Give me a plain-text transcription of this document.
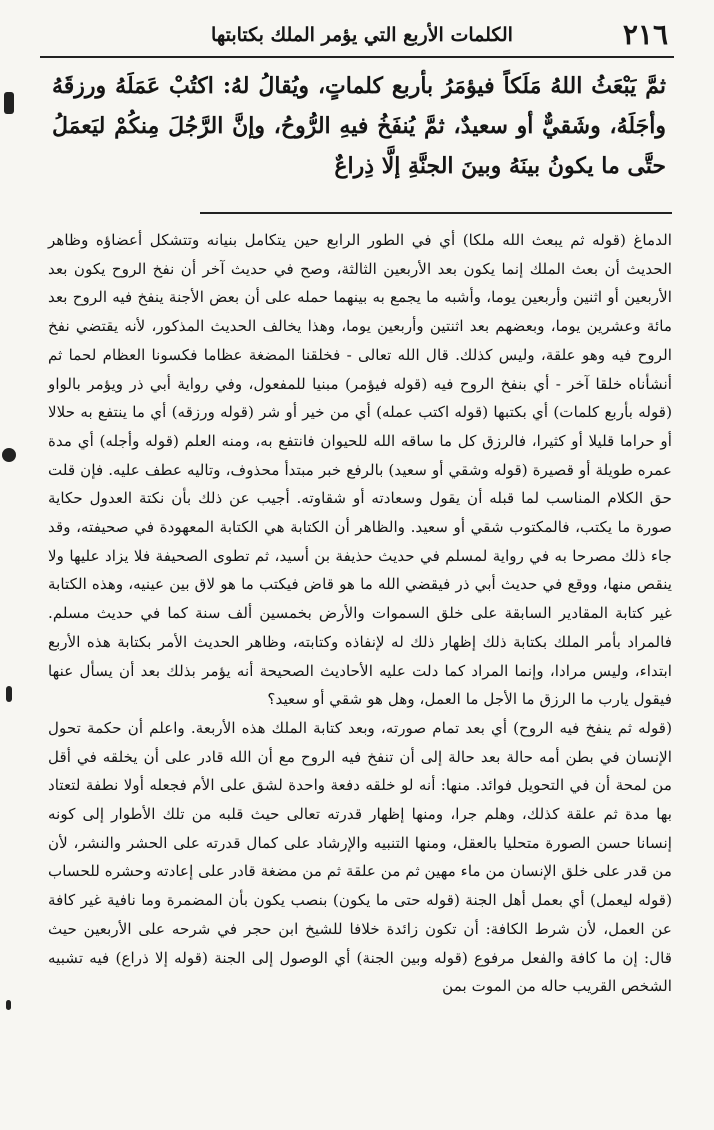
٢١٦
الكلمات الأربع التي يؤمر الملك بكتابتها

ثمَّ يَبْعَثُ اللهُ مَلَكاً فيؤمَرُ بأربع كلماتٍ، ويُقالُ لهُ: اكتُبْ عَمَلَهُ ورزقَهُ وأجَلَهُ، وشَقيٌّ أو سعيدٌ، ثمَّ يُنفَخُ فيهِ الرُّوحُ، وإنَّ الرَّجُلَ مِنكُمْ ليَعمَلُ حتَّى ما يكونُ بينَهُ وبينَ الجنَّةِ إلَّا ذِراعٌ

الدماغ (قوله ثم يبعث الله ملكا) أي في الطور الرابع حين يتكامل بنيانه وتتشكل أعضاؤه وظاهر الحديث أن بعث الملك إنما يكون بعد الأربعين الثالثة، وصح في حديث آخر أن نفخ الروح يكون بعد الأربعين أو اثنين وأربعين يوما، وأشبه ما يجمع به بينهما حمله على أن بعض الأجنة ينفخ فيه الروح بعد مائة وعشرين يوما، وبعضهم بعد اثنتين وأربعين يوما، وهذا يخالف الحديث المذكور، لأنه يقتضي نفخ الروح فيه وهو علقة، وليس كذلك. قال الله تعالى - فخلقنا المضغة عظاما فكسونا العظام لحما ثم أنشأناه خلقا آخر - أي بنفخ الروح فيه (قوله فيؤمر) مبنيا للمفعول، وفي رواية أبي ذر ويؤمر بالواو (قوله بأربع كلمات) أي بكتبها (قوله اكتب عمله) أي من خير أو شر (قوله ورزقه) أي ما ينتفع به حلالا أو حراما قليلا أو كثيرا، فالرزق كل ما ساقه الله للحيوان فانتفع به، ومنه العلم (قوله وأجله) أي مدة عمره طويلة أو قصيرة (قوله وشقي أو سعيد) بالرفع خبر مبتدأ محذوف، وتاليه عطف عليه. فإن قلت حق الكلام المناسب لما قبله أن يقول وسعادته أو شقاوته. أجيب عن ذلك بأن نكتة العدول حكاية صورة ما يكتب، فالمكتوب شقي أو سعيد. والظاهر أن الكتابة هي الكتابة المعهودة في صحيفته، وقد جاء ذلك مصرحا به في رواية لمسلم في حديث حذيفة بن أسيد، ثم تطوى الصحيفة فلا يزاد عليها ولا ينقص منها، ووقع في حديث أبي ذر فيقضي الله ما هو قاض فيكتب ما هو لاق بين عينيه، وهذه الكتابة غير كتابة المقادير السابقة على خلق السموات والأرض بخمسين ألف سنة كما في حديث مسلم. فالمراد بأمر الملك بكتابة ذلك إظهار ذلك له لإنفاذه وكتابته، وظاهر الحديث الأمر بكتابة هذه الأربع ابتداء، وليس مرادا، وإنما المراد كما دلت عليه الأحاديث الصحيحة أنه يؤمر بذلك بعد أن يسأل عنها فيقول يارب ما الرزق ما الأجل ما العمل، وهل هو شقي أو سعيد؟

(قوله ثم ينفخ فيه الروح) أي بعد تمام صورته، وبعد كتابة الملك هذه الأربعة. واعلم أن حكمة تحول الإنسان في بطن أمه حالة بعد حالة إلى أن تنفخ فيه الروح مع أن الله قادر على أن يخلقه في أقل من لمحة أن في التحويل فوائد. منها: أنه لو خلقه دفعة واحدة لشق على الأم فجعله أولا نطفة لتعتاد بها مدة ثم علقة كذلك، وهلم جرا، ومنها إظهار قدرته تعالى حيث قلبه من تلك الأطوار إلى كونه إنسانا حسن الصورة متحليا بالعقل، ومنها التنبيه والإرشاد على كمال قدرته على الحشر والنشر، لأن من قدر على خلق الإنسان من ماء مهين ثم من علقة ثم من مضغة قادر على إعادته وحشره للحساب (قوله ليعمل) أي بعمل أهل الجنة (قوله حتى ما يكون) بنصب يكون بأن المضمرة وما نافية غير كافة عن العمل، لأن شرط الكافة: أن تكون زائدة خلافا للشيخ ابن حجر في شرحه على الأربعين حيث قال: إن ما كافة والفعل مرفوع (قوله وبين الجنة) أي الوصول إلى الجنة (قوله إلا ذراع) فيه تشبيه الشخص القريب حاله من الموت بمن
